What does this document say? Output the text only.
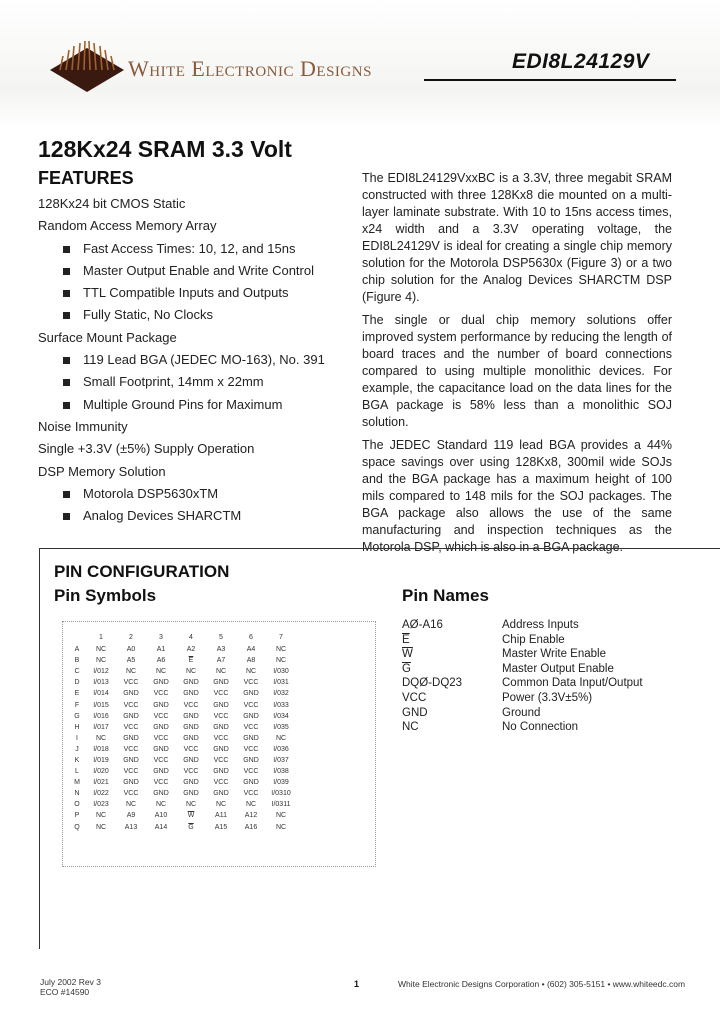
White Electronic Designs	EDI8L24129V
128Kx24 SRAM 3.3 Volt
FEATURES
128Kx24 bit CMOS Static
Random Access Memory Array
Fast Access Times: 10, 12, and 15ns
Master Output Enable and Write Control
TTL Compatible Inputs and Outputs
Fully Static, No Clocks
Surface Mount Package
119 Lead BGA (JEDEC MO-163), No. 391
Small Footprint, 14mm x 22mm
Multiple Ground Pins for Maximum
Noise Immunity
Single +3.3V (±5%) Supply Operation
DSP Memory Solution
Motorola DSP5630xTM
Analog Devices SHARCTM

The EDI8L24129VxxBC is a 3.3V, three megabit SRAM constructed with three 128Kx8 die mounted on a multi-layer laminate substrate. With 10 to 15ns access times, x24 width and a 3.3V operating voltage, the EDI8L24129V is ideal for creating a single chip memory solution for the Motorola DSP5630x (Figure 3) or a two chip solution for the Analog Devices SHARCTM DSP (Figure 4).

The single or dual chip memory solutions offer improved system performance by reducing the length of board traces and the number of board connections compared to using multiple monolithic devices. For example, the capacitance load on the data lines for the BGA package is 58% less than a monolithic SOJ solution.

The JEDEC Standard 119 lead BGA provides a 44% space savings over using 128Kx8, 300mil wide SOJs and the BGA package has a maximum height of 100 mils compared to 148 mils for the SOJ packages. The BGA package also allows the use of the same manufacturing and inspection techniques as the Motorola DSP, which is also in a BGA package.

PIN CONFIGURATION
Pin Symbols	Pin Names
	1	2	3	4	5	6	7
A	NC	A0	A1	A2	A3	A4	NC
B	NC	A5	A6	$\overline{E}$	A7	A8	NC
C	I/012	NC	NC	NC	NC	NC	I/030
D	I/013	VCC	GND	GND	GND	VCC	I/031
E	I/014	GND	VCC	GND	VCC	GND	I/032
F	I/015	VCC	GND	VCC	GND	VCC	I/033
G	I/016	GND	VCC	GND	VCC	GND	I/034
H	I/017	VCC	GND	GND	GND	VCC	I/035
I	NC	GND	VCC	GND	VCC	GND	NC
J	I/018	VCC	GND	VCC	GND	VCC	I/036
K	I/019	GND	VCC	GND	VCC	GND	I/037
L	I/020	VCC	GND	VCC	GND	VCC	I/038
M	I/021	GND	VCC	GND	VCC	GND	I/039
N	I/022	VCC	GND	GND	GND	VCC	I/0310
O	I/023	NC	NC	NC	NC	NC	I/0311
P	NC	A9	A10	$\overline{W}$	A11	A12	NC
Q	NC	A13	A14	$\overline{G}$	A15	A16	NC
AØ-A16	Address Inputs
$\overline{E}$	Chip Enable
$\overline{W}$	Master Write Enable
$\overline{G}$	Master Output Enable
DQØ-DQ23	Common Data Input/Output
VCC	Power (3.3V±5%)
GND	Ground
NC	No Connection
July 2002 Rev 3
ECO #14590
1	White Electronic Designs Corporation • (602) 305-5151 • www.whiteedc.com
